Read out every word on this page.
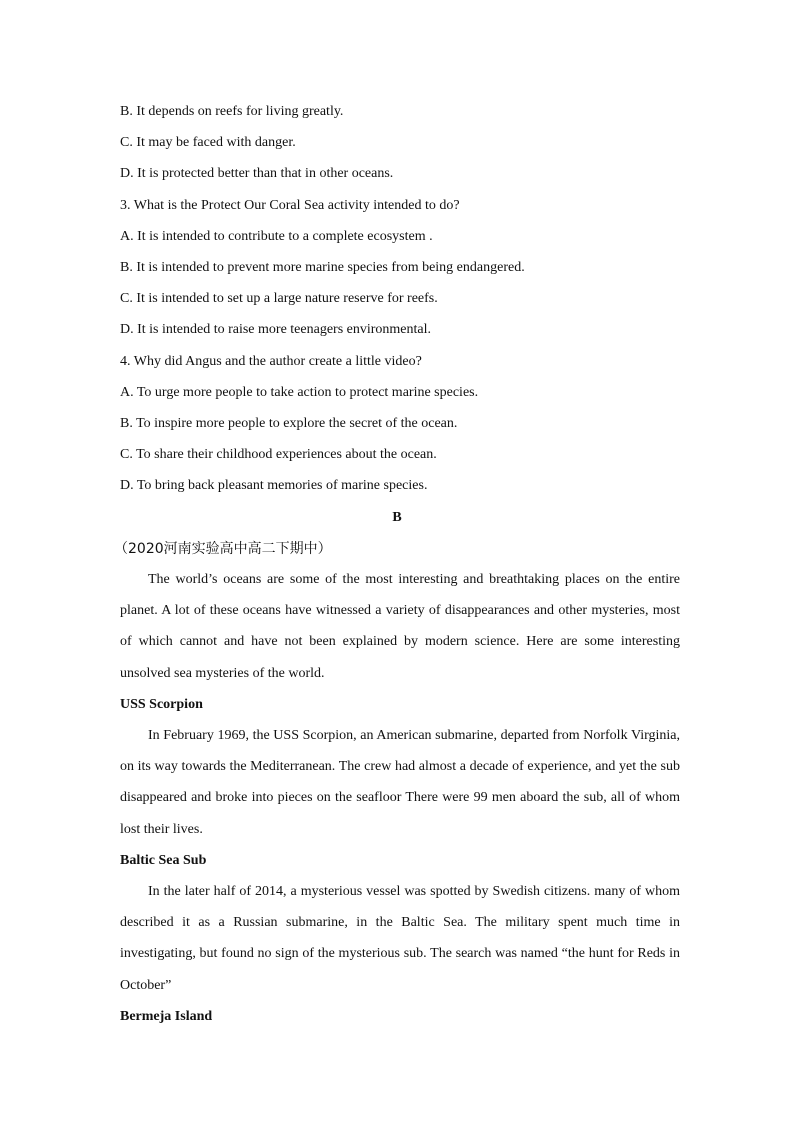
B. It depends on reefs for living greatly.
C. It may be faced with danger.
D. It is protected better than that in other oceans.
3. What is the Protect Our Coral Sea activity intended to do?
A. It is intended to contribute to a complete ecosystem .
B. It is intended to prevent more marine species from being endangered.
C. It is intended to set up a large nature reserve for reefs.
D. It is intended to raise more teenagers environmental.
4. Why did Angus and the author create a little video?
A. To urge more people to take action to protect marine species.
B. To inspire more people to explore the secret of the ocean.
C. To share their childhood experiences about the ocean.
D. To bring back pleasant memories of marine species.
B
（2020河南实验高中高二下期中）
The world’s oceans are some of the most interesting and breathtaking places on the entire planet. A lot of these oceans have witnessed a variety of disappearances and other mysteries, most of which cannot and have not been explained by modern science. Here are some interesting unsolved sea mysteries of the world.
USS Scorpion
In February 1969, the USS Scorpion, an American submarine, departed from Norfolk Virginia, on its way towards the Mediterranean. The crew had almost a decade of experience, and yet the sub disappeared and broke into pieces on the seafloor There were 99 men aboard the sub, all of whom lost their lives.
Baltic Sea Sub
In the later half of 2014, a mysterious vessel was spotted by Swedish citizens. many of whom described it as a Russian submarine, in the Baltic Sea. The military spent much time in investigating, but found no sign of the mysterious sub. The search was named “the hunt for Reds in October”
Bermeja Island
